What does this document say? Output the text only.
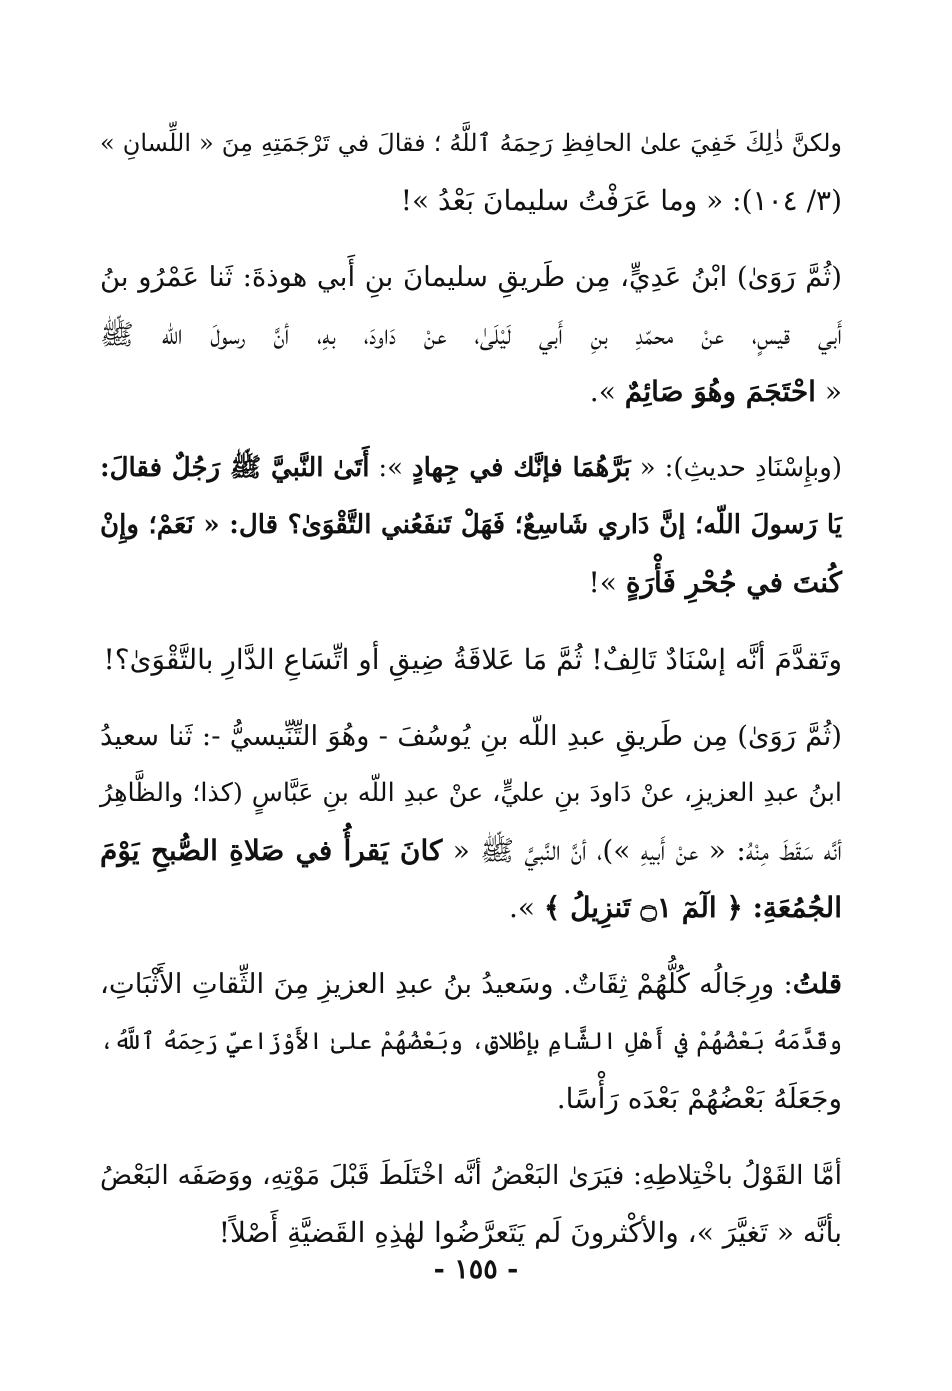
ولكنَّ ذٰلِكَ خَفِيَ علىٰ الحافِظِ رَحِمَهُ ٱللَّهُ ؛ فقالَ في تَرْجَمَتِهِ مِنَ « اللِّسانِ »
(٣/ ١٠٤): « وما عَرَفْتُ سليمانَ بَعْدُ »!
(ثُمَّ رَوَىٰ) ابْنُ عَدِيٍّ، مِن طَريقِ سليمانَ بنِ أَبي هوذةَ: ثَنا عَمْرُو بنُ
أَبي قيسٍ، عنْ محمّدِ بنِ أَبي لَيْلَىٰ، عنْ دَاودَ، بهِ، أنَّ رسولَ اللّه ﷺ
« احْتَجَمَ وهُوَ صَائِمٌ ».
(وبإِسْنَادِ حديثِ): « بَرَّهُمَا فإنَّك في جِهادٍ »: أَتَىٰ النَّبيَّ ﷺ رَجُلٌ فقالَ:
يَا رَسولَ اللّه؛ إنَّ دَاري شَاسِعٌ؛ فَهَلْ تَنفَعُني التَّقْوَىٰ؟ قال: « نَعَمْ؛ وإِنْ
كُنتَ في جُحْرِ فَأْرَةٍ »!
وتَقدَّمَ أنَّه إسْنَادٌ تَالِفٌ! ثُمَّ مَا عَلاقَةُ ضِيقِ أو اتِّسَاعِ الدَّارِ بالتَّقْوَىٰ؟!
(ثُمَّ رَوَىٰ) مِن طَريقِ عبدِ اللّه بنِ يُوسُفَ - وهُوَ التِّنِّيسيُّ -: ثَنا سعيدُ
ابنُ عبدِ العزيزِ، عنْ دَاودَ بنِ عليٍّ، عنْ عبدِ اللّه بنِ عَبَّاسٍ (كذا؛ والظَّاهِرُ
أنَّه سَقَطَ مِنْهُ: « عنْ أَبيهِ »)، أنَّ النَّبيَّ ﷺ « كانَ يَقرأُ في صَلاةِ الصُّبحِ يَوْمَ
الجُمُعَةِ: ﴿ الٓمٓ ۝١ تَنزِيلُ ﴾ ».
قلتُ: ورِجَالُه كُلُّهُمْ ثِقَاتٌ. وسَعيدُ بنُ عبدِ العزيزِ مِنَ الثِّقاتِ الأَثْبَاتِ،
وقَدَّمَهُ بَعْضُهُمْ في أَهْلِ الشَّامِ بإطْلاقٍ، وبَعْضُهُمْ علىٰ الأَوْزَاعيِّ رَحِمَهُ ٱللَّهُ،
وجَعَلَهُ بَعْضُهُمْ بَعْدَه رَأْسًا.
أمَّا القَوْلُ باخْتِلاطِهِ: فيَرَىٰ البَعْضُ أنَّه اخْتَلَطَ قَبْلَ مَوْتِهِ، ووَصَفَه البَعْضُ
بأنَّه « تَغيَّرَ »، والأكْثرونَ لَم يَتَعرَّضُوا لهٰذِهِ القَضيَّةِ أَصْلاً!
- ١٥٥ -
